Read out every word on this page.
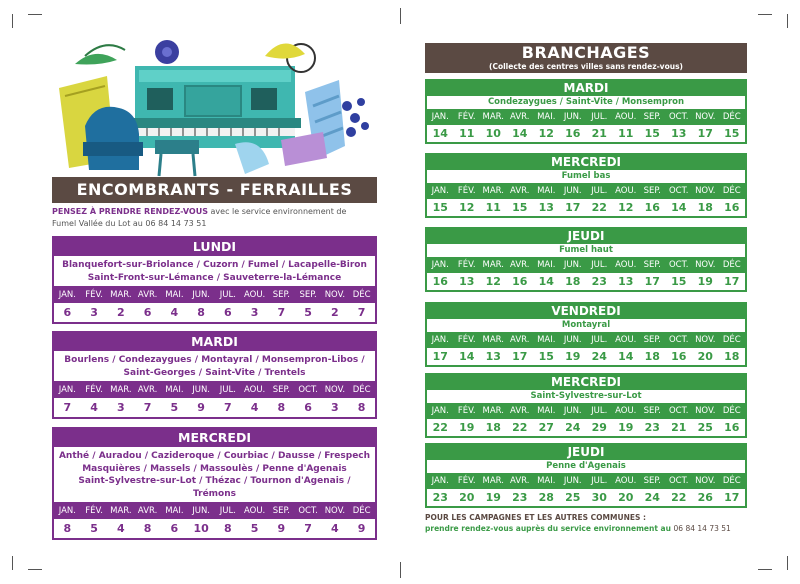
ENCOMBRANTS - FERRAILLES
PENSEZ À PRENDRE RENDEZ-VOUS avec le service environnement de
Fumel Vallée du Lot au 06 84 14 73 51
LUNDI
Blanquefort-sur-Briolance / Cuzorn / Fumel / Lacapelle-Biron
Saint-Front-sur-Lémance / Sauveterre-la-Lémance
JAN.	FÉV. MAR. AVR. MAI.	JUN.	JUL. AOU. SEP.	SEP. NOV. DÉC
6	3	2	6	4	8	6	3	7	5	2	7
MARDI
Bourlens / Condezaygues / Montayral / Monsempron-Libos /
Saint-Georges / Saint-Vite / Trentels
JAN.	FÉV. MAR. AVR. MAI.	JUN.	JUL. AOU. SEP. OCT. NOV. DÉC
7	4	3	7	5	9	7	4	8	6	3	8
MERCREDI
Anthé / Auradou / Cazideroque / Courbiac / Dausse / Frespech
Masquières / Massels / Massoulès / Penne d'Agenais
Saint-Sylvestre-sur-Lot / Thézac / Tournon d'Agenais / Trémons
JAN.	FÉV. MAR. AVR. MAI.	JUN.	JUL. AOU. SEP. OCT. NOV. DÉC
8	5	4	8	6	10	8	5	9	7	4	9
BRANCHAGES
(Collecte des centres villes sans rendez-vous)
MARDI
Condezaygues / Saint-Vite / Monsempron
JAN.	FÉV. MAR. AVR. MAI. JUN.	JUL. AOU. SEP. OCT. NOV. DÉC
14	11	10	14	12	16	21	11	15	13	17	15
MERCREDI
Fumel bas
JAN.	FÉV. MAR. AVR. MAI. JUN.	JUL. AOU. SEP. OCT. NOV. DÉC
15	12	11	15	13	17	22	12	16	14	18	16
JEUDI
Fumel haut
JAN.	FÉV. MAR. AVR. MAI. JUN.	JUL. AOU. SEP. OCT. NOV. DÉC
16	13	12	16	14	18	23	13	17	15	19	17
VENDREDI
Montayral
JAN.	FÉV. MAR. AVR. MAI. JUN.	JUL. AOU. SEP. OCT. NOV. DÉC
17	14	13	17	15	19	24	14	18	16	20	18
MERCREDI
Saint-Sylvestre-sur-Lot
JAN.	FÉV. MAR. AVR. MAI. JUN.	JUL. AOU. SEP. OCT. NOV. DÉC
22	19	18	22	27	24	29	19	23	21	25	16
JEUDI
Penne d'Agenais
JAN.	FÉV. MAR. AVR. MAI. JUN.	JUL. AOU. SEP. OCT. NOV. DÉC
23	20	19	23	28	25	30	20	24	22	26	17
POUR LES CAMPAGNES ET LES AUTRES COMMUNES :
prendre rendez-vous auprès du service environnement au 06 84 14 73 51
